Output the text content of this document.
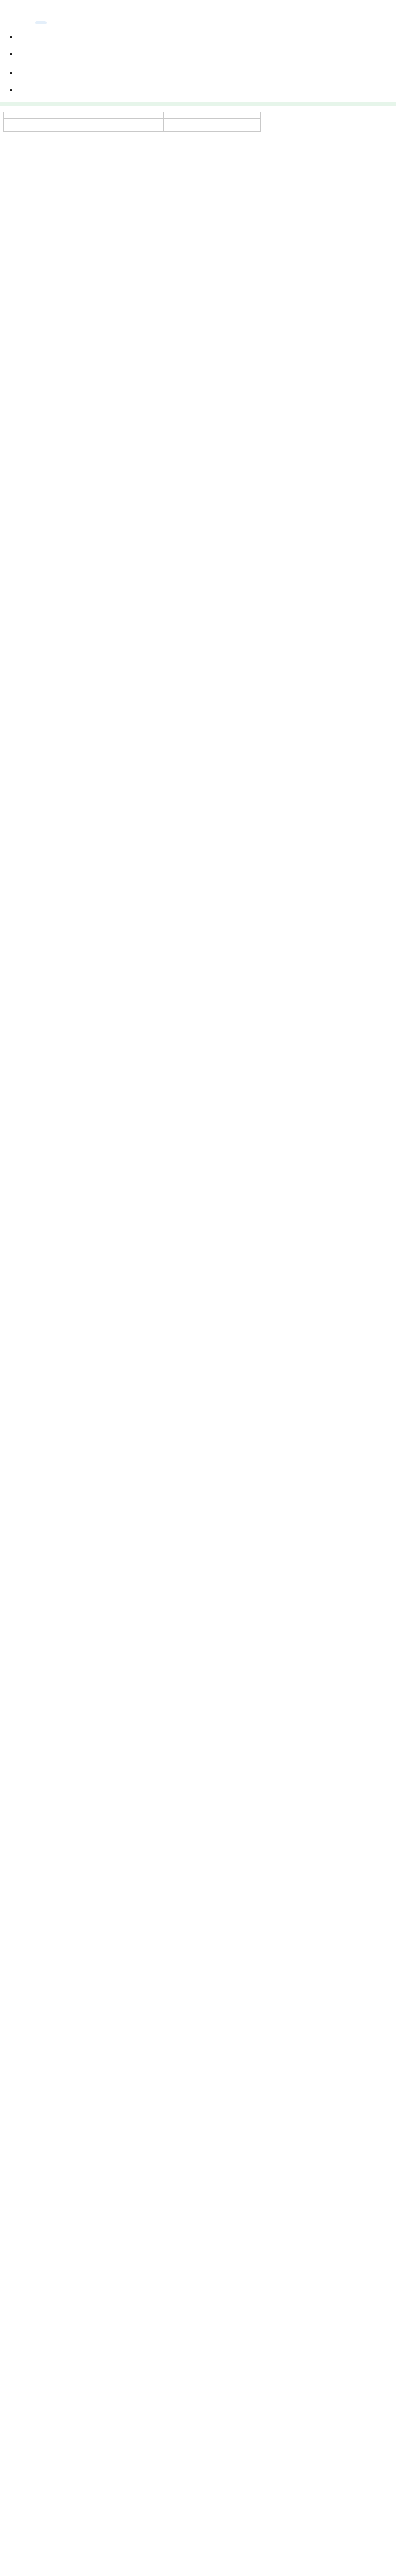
•
•

•
•
